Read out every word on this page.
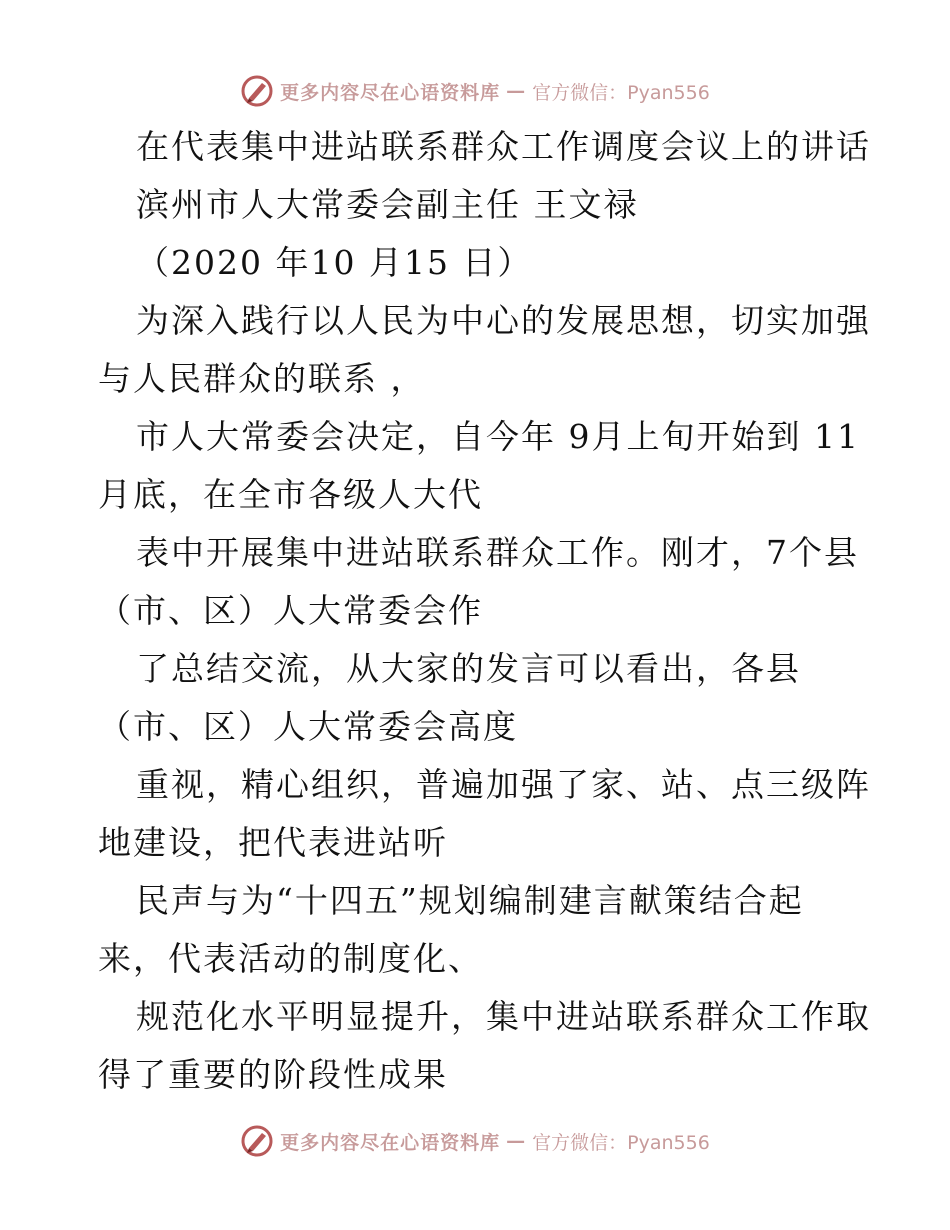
更多内容尽在心语资料库 — 官方微信：Pyan556
在代表集中进站联系群众工作调度会议上的讲话
滨州市人大常委会副主任 王文禄
（2020 年10 月15 日）
为深入践行以人民为中心的发展思想，切实加强
与人民群众的联系 ，
市人大常委会决定，自今年 9月上旬开始到 11
月底，在全市各级人大代
表中开展集中进站联系群众工作。刚才，7个县
（市、区）人大常委会作
了总结交流，从大家的发言可以看出，各县
（市、区）人大常委会高度
重视，精心组织，普遍加强了家、站、点三级阵
地建设，把代表进站听
民声与为“十四五”规划编制建言献策结合起
来，代表活动的制度化、
规范化水平明显提升，集中进站联系群众工作取
得了重要的阶段性成果
更多内容尽在心语资料库 — 官方微信：Pyan556
